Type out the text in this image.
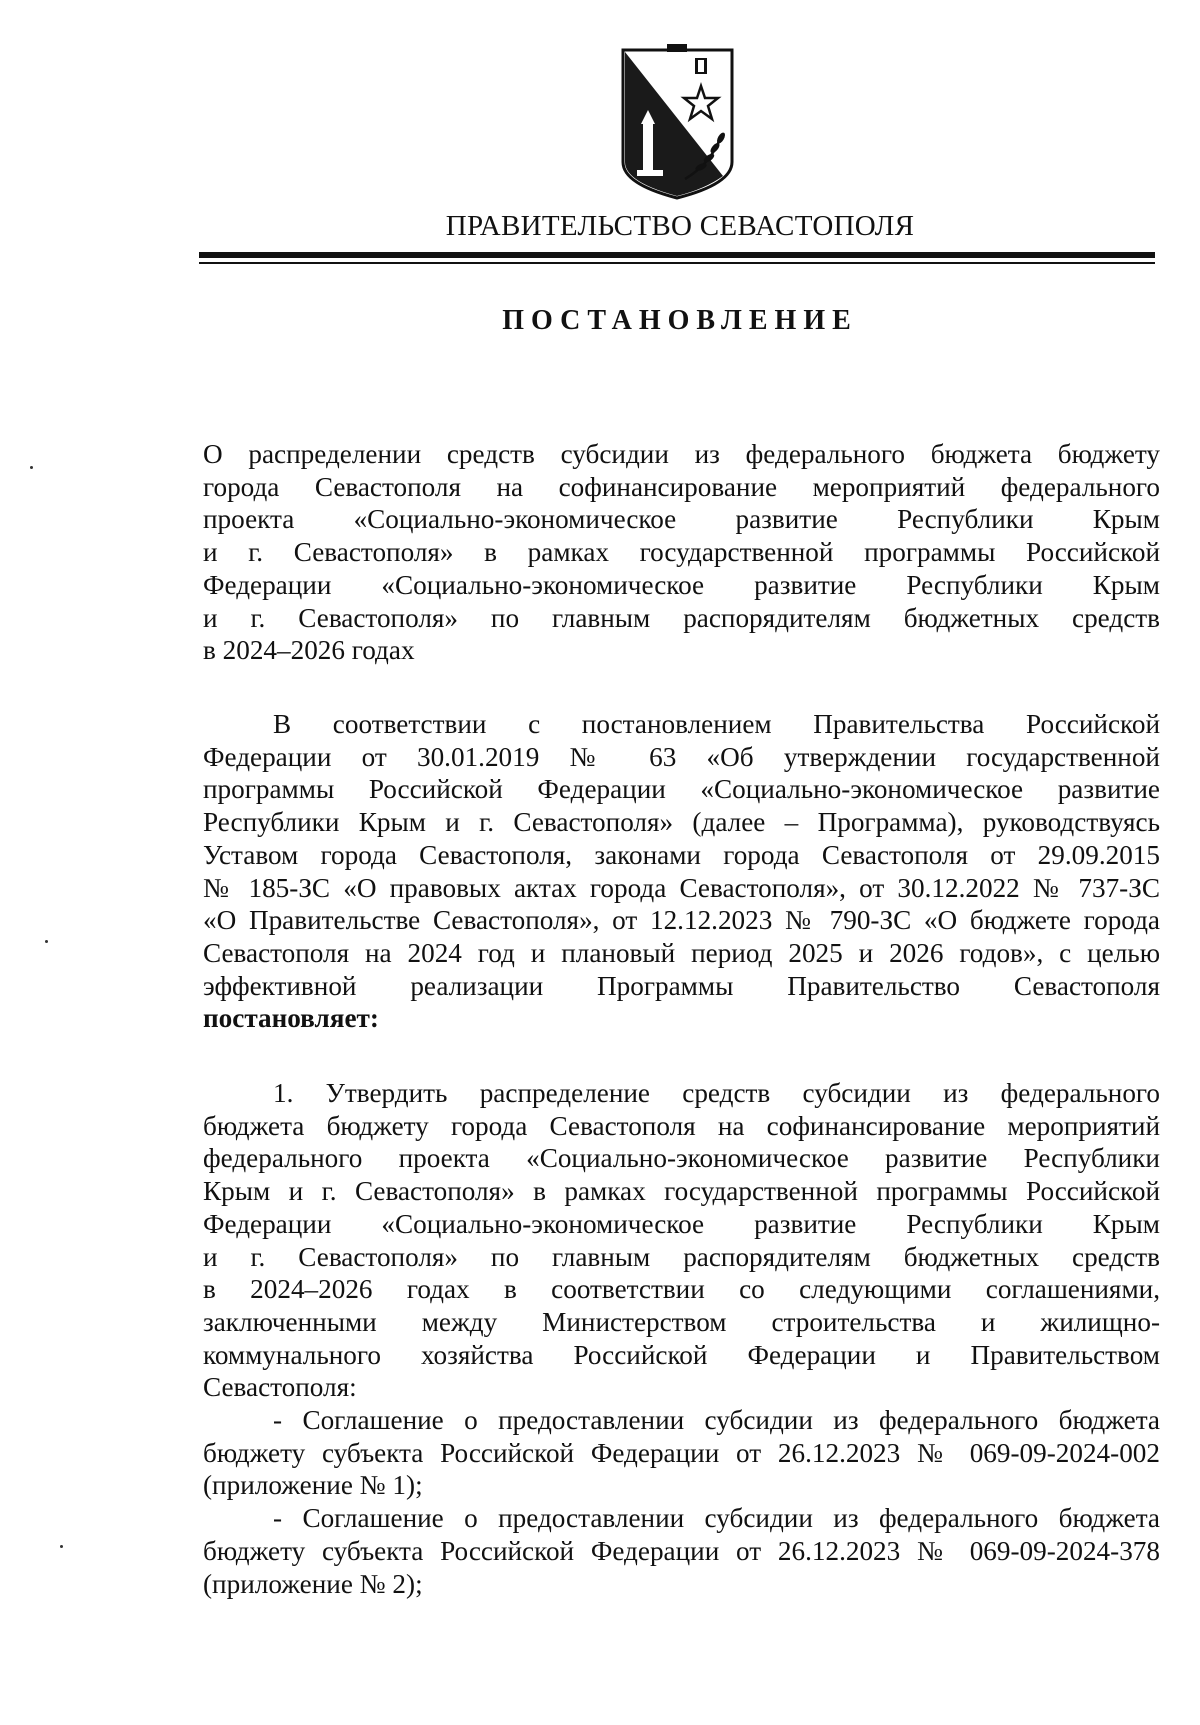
ПРАВИТЕЛЬСТВО СЕВАСТОПОЛЯ
ПОСТАНОВЛЕНИЕ
О распределении средств субсидии из федерального бюджета бюджету
города Севастополя на софинансирование мероприятий федерального
проекта «Социально-экономическое развитие Республики Крым
и г. Севастополя» в рамках государственной программы Российской
Федерации «Социально-экономическое развитие Республики Крым
и г. Севастополя» по главным распорядителям бюджетных средств
в 2024–2026 годах
В соответствии с постановлением Правительства Российской
Федерации от 30.01.2019 № 63 «Об утверждении государственной
программы Российской Федерации «Социально-экономическое развитие
Республики Крым и г. Севастополя» (далее – Программа), руководствуясь
Уставом города Севастополя, законами города Севастополя от 29.09.2015
№ 185-ЗС «О правовых актах города Севастополя», от 30.12.2022 № 737-ЗС
«О Правительстве Севастополя», от 12.12.2023 № 790-ЗС «О бюджете города
Севастополя на 2024 год и плановый период 2025 и 2026 годов», с целью
эффективной реализации Программы Правительство Севастополя
постановляет:
1. Утвердить распределение средств субсидии из федерального
бюджета бюджету города Севастополя на софинансирование мероприятий
федерального проекта «Социально-экономическое развитие Республики
Крым и г. Севастополя» в рамках государственной программы Российской
Федерации «Социально-экономическое развитие Республики Крым
и г. Севастополя» по главным распорядителям бюджетных средств
в 2024–2026 годах в соответствии со следующими соглашениями,
заключенными между Министерством строительства и жилищно-
коммунального хозяйства Российской Федерации и Правительством
Севастополя:
- Соглашение о предоставлении субсидии из федерального бюджета
бюджету субъекта Российской Федерации от 26.12.2023 № 069-09-2024-002
(приложение № 1);
- Соглашение о предоставлении субсидии из федерального бюджета
бюджету субъекта Российской Федерации от 26.12.2023 № 069-09-2024-378
(приложение № 2);
